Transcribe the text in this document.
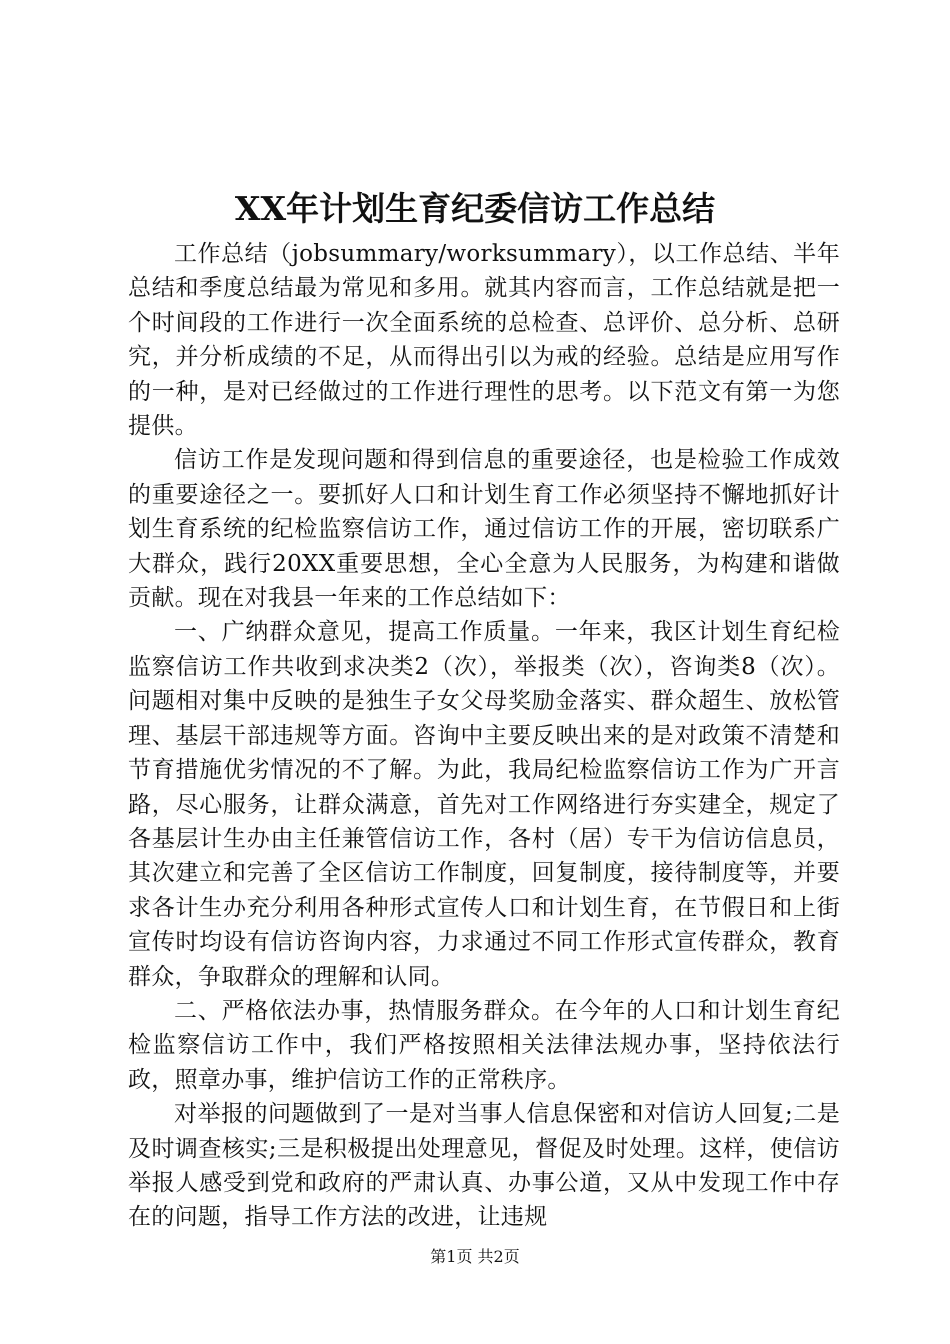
XX年计划生育纪委信访工作总结

工作总结（jobsummary/worksummary），以工作总结、半年总结和季度总结最为常见和多用。就其内容而言，工作总结就是把一个时间段的工作进行一次全面系统的总检查、总评价、总分析、总研究，并分析成绩的不足，从而得出引以为戒的经验。总结是应用写作的一种，是对已经做过的工作进行理性的思考。以下范文有第一为您提供。

信访工作是发现问题和得到信息的重要途径，也是检验工作成效的重要途径之一。要抓好人口和计划生育工作必须坚持不懈地抓好计划生育系统的纪检监察信访工作，通过信访工作的开展，密切联系广大群众，践行20XX重要思想，全心全意为人民服务，为构建和谐做贡献。现在对我县一年来的工作总结如下：

一、广纳群众意见，提高工作质量。一年来，我区计划生育纪检监察信访工作共收到求决类2（次），举报类（次），咨询类8（次）。问题相对集中反映的是独生子女父母奖励金落实、群众超生、放松管理、基层干部违规等方面。咨询中主要反映出来的是对政策不清楚和节育措施优劣情况的不了解。为此，我局纪检监察信访工作为广开言路，尽心服务，让群众满意，首先对工作网络进行夯实建全，规定了各基层计生办由主任兼管信访工作，各村（居）专干为信访信息员，其次建立和完善了全区信访工作制度，回复制度，接待制度等，并要求各计生办充分利用各种形式宣传人口和计划生育，在节假日和上街宣传时均设有信访咨询内容，力求通过不同工作形式宣传群众，教育群众，争取群众的理解和认同。

二、严格依法办事，热情服务群众。在今年的人口和计划生育纪检监察信访工作中，我们严格按照相关法律法规办事，坚持依法行政，照章办事，维护信访工作的正常秩序。

对举报的问题做到了一是对当事人信息保密和对信访人回复;二是及时调查核实;三是积极提出处理意见，督促及时处理。这样，使信访举报人感受到党和政府的严肃认真、办事公道，又从中发现工作中存在的问题，指导工作方法的改进，让违规

第1页 共2页
